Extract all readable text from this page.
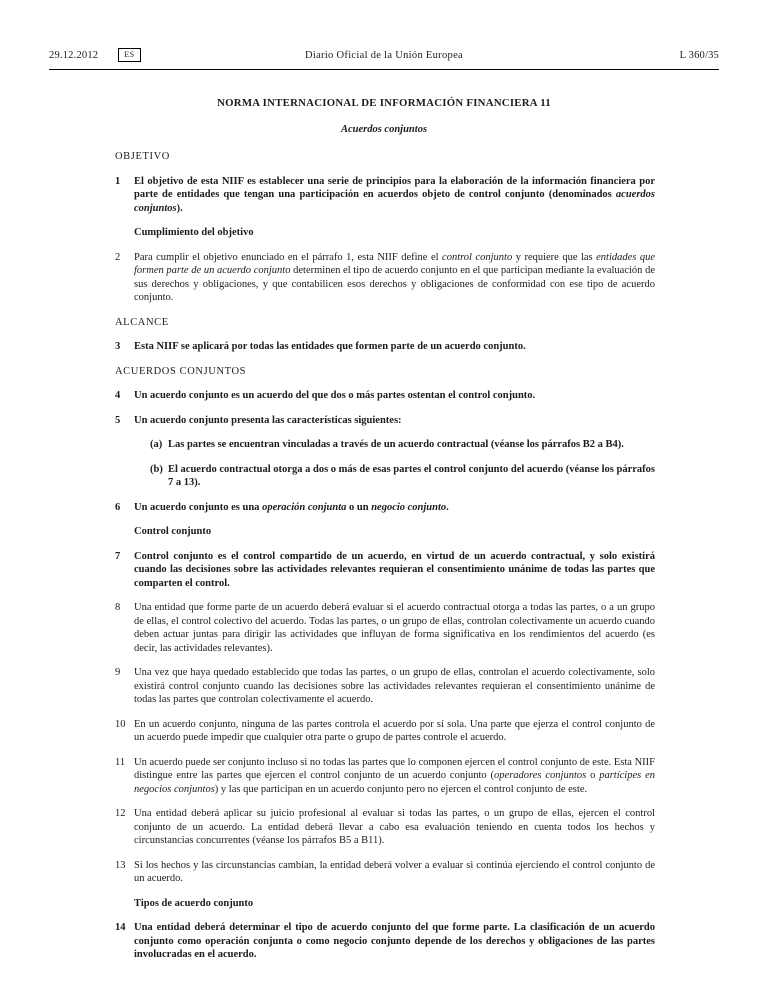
29.12.2012	ES	Diario Oficial de la Unión Europea	L 360/35
NORMA INTERNACIONAL DE INFORMACIÓN FINANCIERA 11
Acuerdos conjuntos
OBJETIVO
1	El objetivo de esta NIIF es establecer una serie de principios para la elaboración de la información financiera por parte de entidades que tengan una participación en acuerdos objeto de control conjunto (denominados acuerdos conjuntos).
Cumplimiento del objetivo
2	Para cumplir el objetivo enunciado en el párrafo 1, esta NIIF define el control conjunto y requiere que las entidades que formen parte de un acuerdo conjunto determinen el tipo de acuerdo conjunto en el que participan mediante la evaluación de sus derechos y obligaciones, y que contabilicen esos derechos y obligaciones de conformidad con ese tipo de acuerdo conjunto.
ALCANCE
3	Esta NIIF se aplicará por todas las entidades que formen parte de un acuerdo conjunto.
ACUERDOS CONJUNTOS
4	Un acuerdo conjunto es un acuerdo del que dos o más partes ostentan el control conjunto.
5	Un acuerdo conjunto presenta las características siguientes:
(a) Las partes se encuentran vinculadas a través de un acuerdo contractual (véanse los párrafos B2 a B4).
(b) El acuerdo contractual otorga a dos o más de esas partes el control conjunto del acuerdo (véanse los párrafos 7 a 13).
6	Un acuerdo conjunto es una operación conjunta o un negocio conjunto.
Control conjunto
7	Control conjunto es el control compartido de un acuerdo, en virtud de un acuerdo contractual, y solo existirá cuando las decisiones sobre las actividades relevantes requieran el consentimiento unánime de todas las partes que comparten el control.
8	Una entidad que forme parte de un acuerdo deberá evaluar si el acuerdo contractual otorga a todas las partes, o a un grupo de ellas, el control colectivo del acuerdo. Todas las partes, o un grupo de ellas, controlan colectivamente un acuerdo cuando deben actuar juntas para dirigir las actividades que influyan de forma significativa en los rendimientos del acuerdo (es decir, las actividades relevantes).
9	Una vez que haya quedado establecido que todas las partes, o un grupo de ellas, controlan el acuerdo colectivamente, solo existirá control conjunto cuando las decisiones sobre las actividades relevantes requieran el consentimiento unánime de todas las partes que controlan colectivamente el acuerdo.
10 En un acuerdo conjunto, ninguna de las partes controla el acuerdo por sí sola. Una parte que ejerza el control conjunto de un acuerdo puede impedir que cualquier otra parte o grupo de partes controle el acuerdo.
11 Un acuerdo puede ser conjunto incluso si no todas las partes que lo componen ejercen el control conjunto de este. Esta NIIF distingue entre las partes que ejercen el control conjunto de un acuerdo conjunto (operadores conjuntos o partícipes en negocios conjuntos) y las que participan en un acuerdo conjunto pero no ejercen el control conjunto de este.
12 Una entidad deberá aplicar su juicio profesional al evaluar si todas las partes, o un grupo de ellas, ejercen el control conjunto de un acuerdo. La entidad deberá llevar a cabo esa evaluación teniendo en cuenta todos los hechos y circunstancias concurrentes (véanse los párrafos B5 a B11).
13 Si los hechos y las circunstancias cambian, la entidad deberá volver a evaluar si continúa ejerciendo el control conjunto de un acuerdo.
Tipos de acuerdo conjunto
14 Una entidad deberá determinar el tipo de acuerdo conjunto del que forme parte. La clasificación de un acuerdo conjunto como operación conjunta o como negocio conjunto depende de los derechos y obligaciones de las partes involucradas en el acuerdo.
